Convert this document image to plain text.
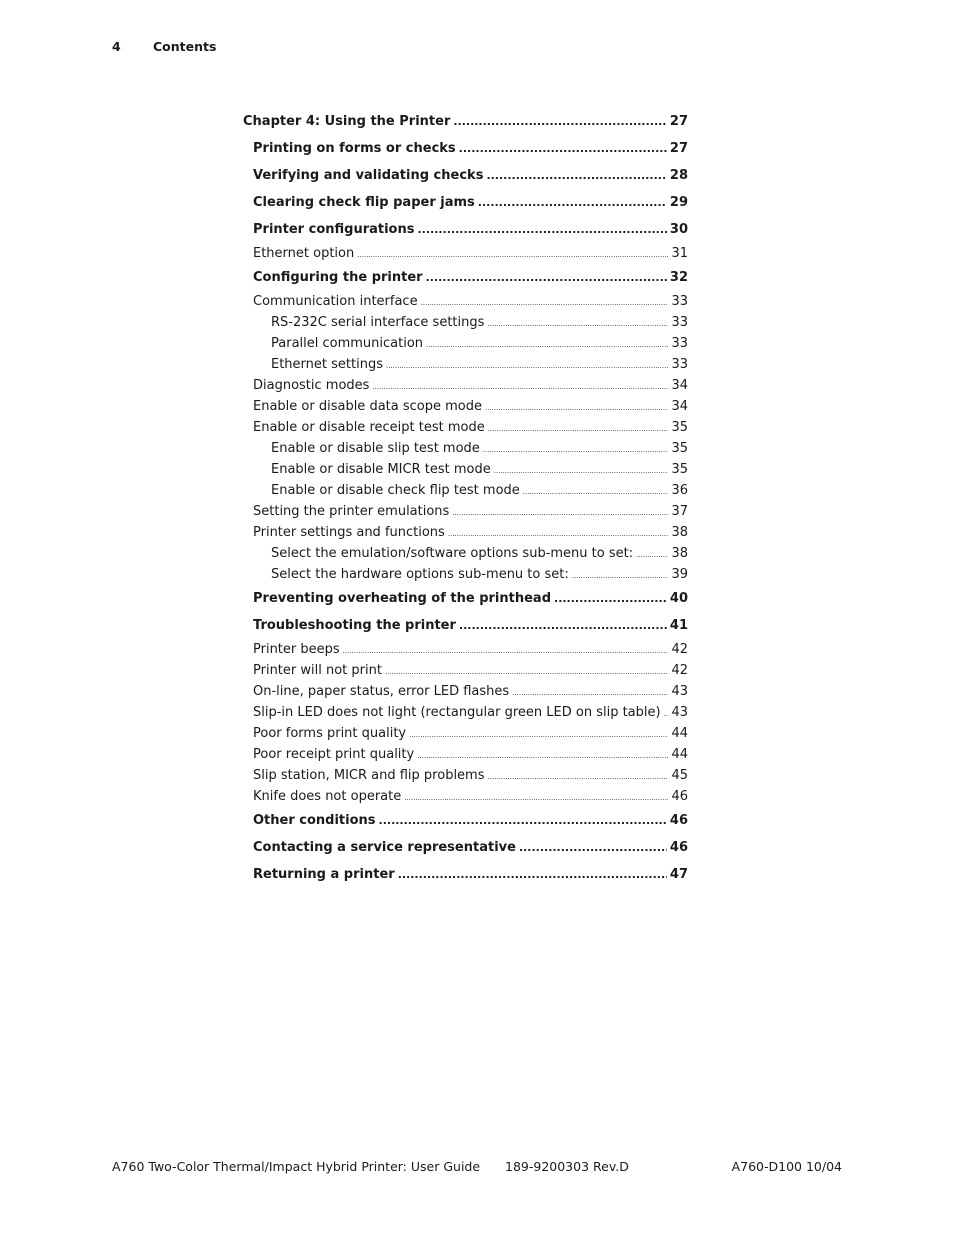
4	Contents
Chapter 4: Using the Printer .....	27
Printing on forms or checks .....	27
Verifying and validating checks .....	28
Clearing check flip paper jams .....	29
Printer configurations .....	30
Ethernet option .....	31
Configuring the printer .....	32
Communication interface .....	33
RS-232C serial interface settings .....	33
Parallel communication .....	33
Ethernet settings .....	33
Diagnostic modes .....	34
Enable or disable data scope mode .....	34
Enable or disable receipt test mode .....	35
Enable or disable slip test mode .....	35
Enable or disable MICR test mode .....	35
Enable or disable check flip test mode .....	36
Setting the printer emulations .....	37
Printer settings and functions .....	38
Select the emulation/software options sub-menu to set: .....	38
Select the hardware options sub-menu to set: .....	39
Preventing overheating of the printhead .....	40
Troubleshooting the printer .....	41
Printer beeps .....	42
Printer will not print .....	42
On-line, paper status, error LED flashes .....	43
Slip-in LED does not light (rectangular green LED on slip table) ..... 43
Poor forms print quality .....	44
Poor receipt print quality .....	44
Slip station, MICR and flip problems .....	45
Knife does not operate .....	46
Other conditions .....	46
Contacting a service representative .....	46
Returning a printer .....	47
A760 Two-Color Thermal/Impact Hybrid Printer: User Guide 189-9200303 Rev.D	A760-D100 10/04
